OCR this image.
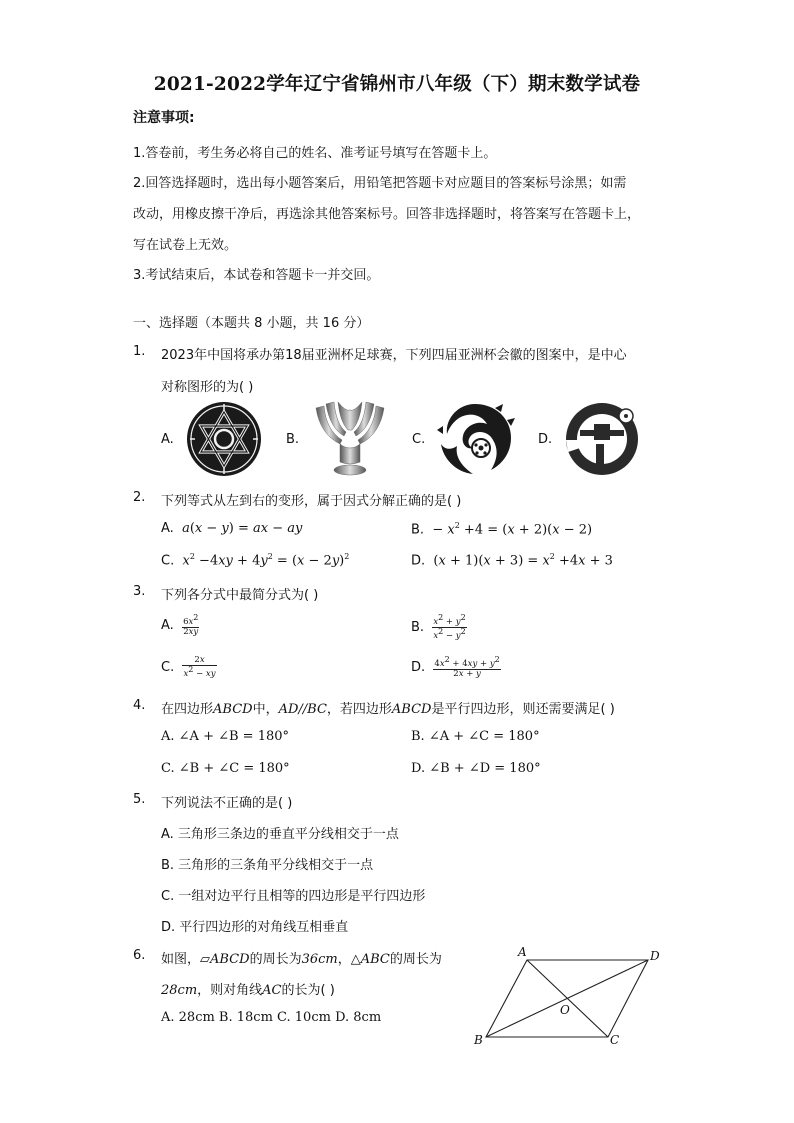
2021-2022学年辽宁省锦州市八年级（下）期末数学试卷
注意事项:
1.答卷前，考生务必将自己的姓名、准考证号填写在答题卡上。
2.回答选择题时，选出每小题答案后，用铅笔把答题卡对应题目的答案标号涂黑；如需
改动，用橡皮擦干净后，再选涂其他答案标号。回答非选择题时，将答案写在答题卡上，
写在试卷上无效。
3.考试结束后，本试卷和答题卡一并交回。
一、选择题（本题共 8 小题，共 16 分）
1. 2023年中国将承办第18届亚洲杯足球赛，下列四届亚洲杯会徽的图案中，是中心
对称图形的为( )
A.	B.	C.	D.
2. 下列等式从左到右的变形，属于因式分解正确的是( )
A. a(x − y) = ax − ay	B. − $x^2 +4 = (x + 2)(x - 2)$
C. $x^2 -4xy + 4y^2 = (x - 2y)^2$	D. $(x + 1)(x + 3) = x^2 +4x + 3$
3. 下列各分式中最简分式为( )
A. $\frac{6x^2}{2xy}$	B. $\frac{x^2 + y^2}{x^2 - y^2}$
C. $\frac{2x}{x^2 - xy}$	D. $\frac{4x^2 + 4xy + y^2}{2x + y}$
4. 在四边形ABCD中，AD//BC，若四边形ABCD是平行四边形，则还需要满足( )
A. ∠A + ∠B = 180°	B. ∠A + ∠C = 180°
C. ∠B + ∠C = 180°	D. ∠B + ∠D = 180°
5. 下列说法不正确的是( )
A. 三角形三条边的垂直平分线相交于一点
B. 三角形的三条角平分线相交于一点
C. 一组对边平行且相等的四边形是平行四边形
D. 平行四边形的对角线互相垂直
6. 如图，▱ABCD的周长为36cm，△ABC的周长为
28cm，则对角线AC的长为( )
A. 28cm B. 18cm C. 10cm D. 8cm
A	D
B	C
O
